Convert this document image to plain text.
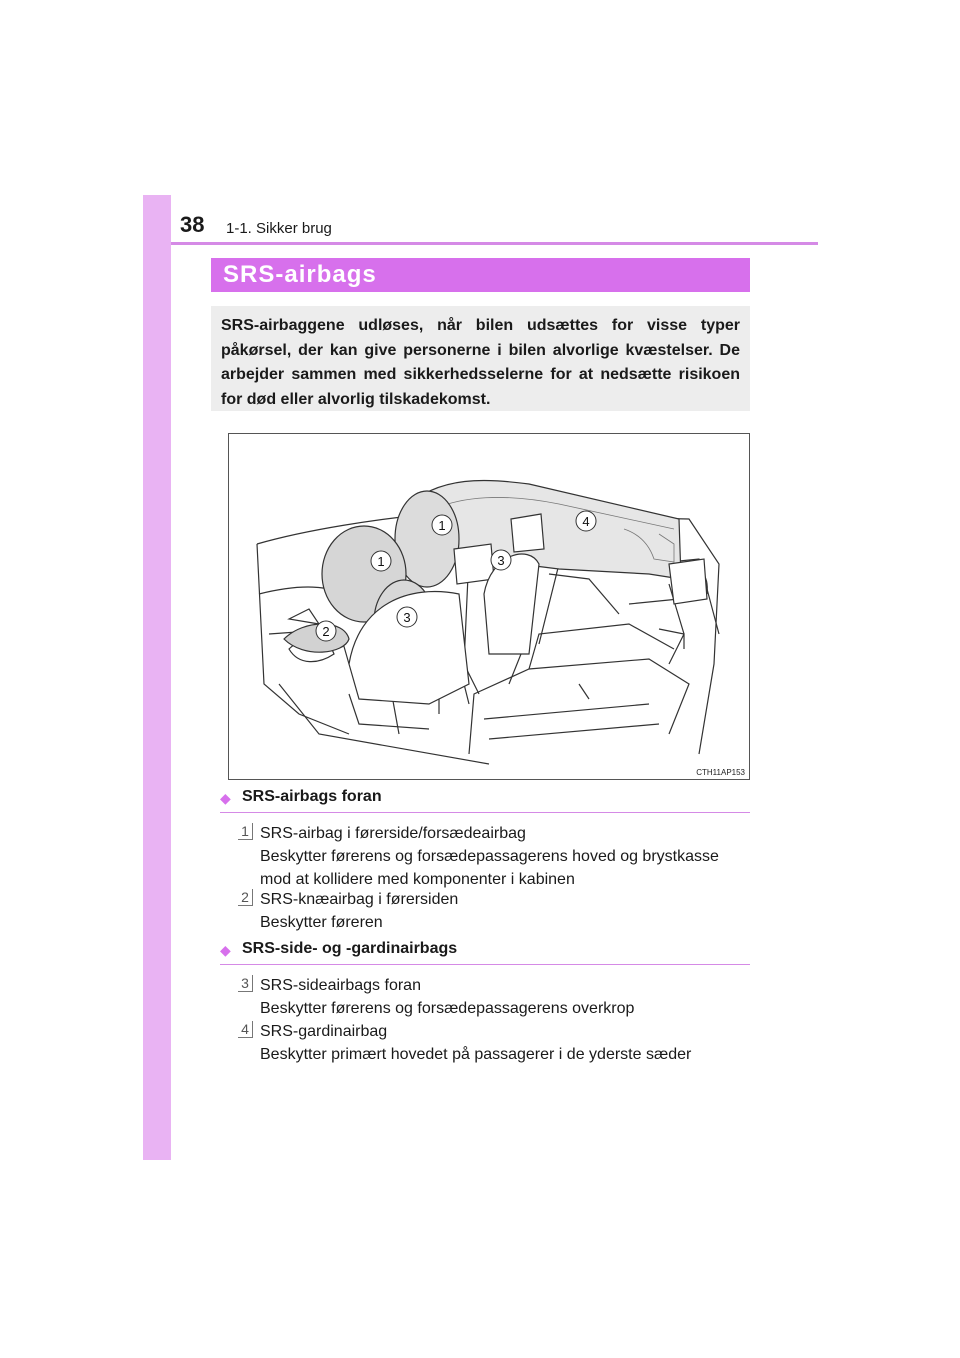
38 1-1. Sikker brug
SRS-airbags

SRS-airbaggene udløses, når bilen udsættes for visse typer påkørsel, der kan give personerne i bilen alvorlige kvæstelser. De arbejder sammen med sikkerhedsselerne for at nedsætte risikoen for død eller alvorlig tilskadekomst.

1
1	3
3
2
4
CTH11AP153
◆ SRS-airbags foran
1 SRS-airbag i førerside/forsædeairbag
Beskytter førerens og forsædepassagerens hoved og brystkasse
mod at kollidere med komponenter i kabinen
2 SRS-knæairbag i førersiden
Beskytter føreren
◆ SRS-side- og -gardinairbags
3 SRS-sideairbags foran
Beskytter førerens og forsædepassagerens overkrop
4 SRS-gardinairbag
Beskytter primært hovedet på passagerer i de yderste sæder
